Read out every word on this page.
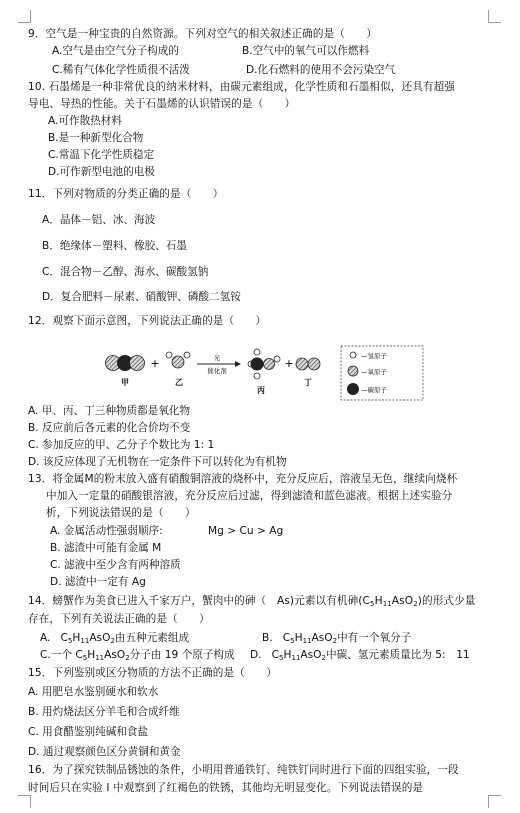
9．空气是一种宝贵的自然资源。下列对空气的相关叙述正确的是（　　）
A.空气是由空气分子构成的	B.空气中的氧气可以作燃料
C.稀有气体化学性质很不活泼	D.化石燃料的使用不会污染空气
10. 石墨烯是一种非常优良的纳米材料，由碳元素组成，化学性质和石墨相似，还具有超强
导电、导热的性能。关于石墨烯的认识错误的是（　　）
A.可作散热材料
B.是一种新型化合物
C.常温下化学性质稳定
D.可作新型电池的电极
11．下列对物质的分类正确的是（　　）
A．晶体－铝、冰、海波
B．绝缘体－塑料、橡胶、石墨
C．混合物－乙醇、海水、碳酸氢钠
D．复合肥料－尿素、硝酸钾、磷酸二氢铵
12．观察下面示意图，下列说法正确的是（　　）
甲
+
乙
光
催化剂
丙
+
丁
—氢原子
—氧原子
—碳原子
A. 甲、丙、丁三种物质都是氧化物
B. 反应前后各元素的化合价均不变
C. 参加反应的甲、乙分子个数比为 1: 1
D. 该反应体现了无机物在一定条件下可以转化为有机物
13．将金属M的粉末放入盛有硝酸铜溶液的烧杯中，充分反应后，溶液呈无色，继续向烧杯
中加入一定量的硝酸银溶液，充分反应后过滤，得到滤渣和蓝色滤液。根据上述实验分
析，下列说法错误的是（　　）
A. 金属活动性强弱顺序:	Mg > Cu > Ag
B. 滤渣中可能有金属 M
C. 滤液中至少含有两种溶质
D. 滤渣中一定有 Ag
14．螃蟹作为美食已进入千家万户，蟹肉中的砷（　As)元素以有机砷$(C_5H_{11}AsO_2)$的形式少量
存在，下列有关说法正确的是（　　）
A. $C_5H_{11}AsO_2$由五种元素组成	B. $C_5H_{11}AsO_2$中有一个氧分子
C.一个 $C_5H_{11}AsO_2$分子由 19 个原子构成 D. $C_5H_{11}AsO_2$中碳、氢元素质量比为 5:　11
15．下列鉴别或区分物质的方法不正确的是（　　）
A. 用肥皂水鉴别硬水和软水
B. 用灼烧法区分羊毛和合成纤维
C. 用食醋鉴别纯碱和食盐
D. 通过观察颜色区分黄铜和黄金
16．为了探究铁制品锈蚀的条件，小明用普通铁钉、纯铁钉同时进行下面的四组实验，一段
时间后只在实验 I 中观察到了红褐色的铁锈，其他均无明显变化。下列说法错误的是
